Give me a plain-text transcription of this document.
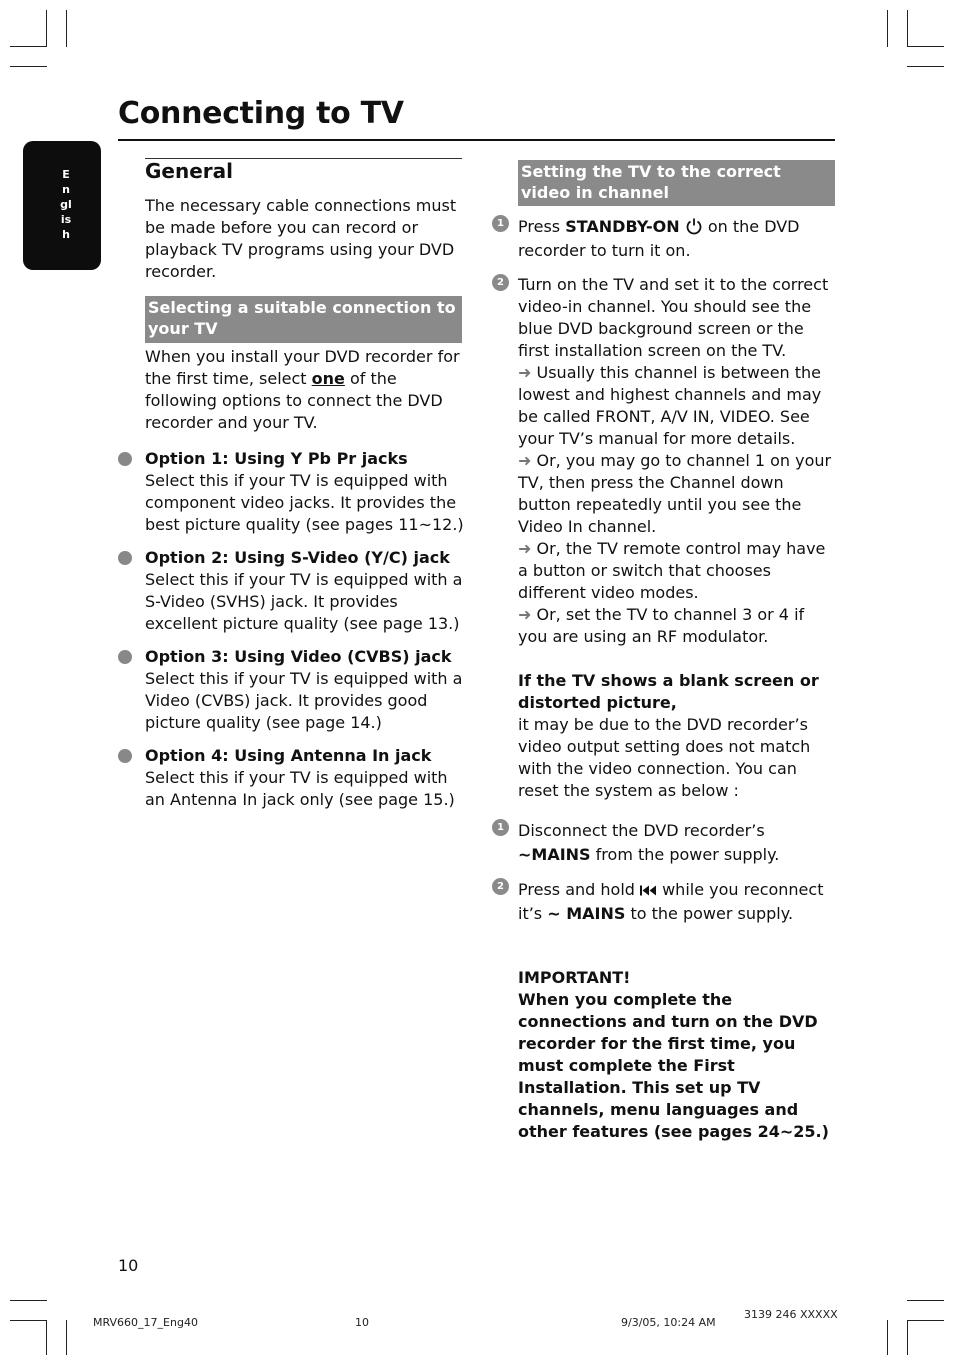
Connecting to TV
English
General
The necessary cable connections must be made before you can record or playback TV programs using your DVD recorder.
Selecting a suitable connection to your TV
When you install your DVD recorder for the first time, select one of the following options to connect the DVD recorder and your TV.
Option 1: Using Y Pb Pr jacks
Select this if your TV is equipped with component video jacks. It provides the best picture quality (see pages 11~12.)
Option 2: Using S-Video (Y/C) jack
Select this if your TV is equipped with a S-Video (SVHS) jack. It provides excellent picture quality (see page 13.)
Option 3: Using Video (CVBS) jack
Select this if your TV is equipped with a Video (CVBS) jack. It provides good picture quality (see page 14.)
Option 4: Using Antenna In jack
Select this if your TV is equipped with an Antenna In jack only (see page 15.)
Setting the TV to the correct video in channel
1 Press STANDBY-ON  on the DVD recorder to turn it on.
2 Turn on the TV and set it to the correct video-in channel. You should see the blue DVD background screen or the first installation screen on the TV.
➜ Usually this channel is between the lowest and highest channels and may be called FRONT, A/V IN, VIDEO. See your TV’s manual for more details.
➜ Or, you may go to channel 1 on your TV, then press the Channel down button repeatedly until you see the Video In channel.
➜ Or, the TV remote control may have a button or switch that chooses different video modes.
➜ Or, set the TV to channel 3 or 4 if you are using an RF modulator.
If the TV shows a blank screen or distorted picture,
it may be due to the DVD recorder’s video output setting does not match with the video connection. You can reset the system as below :
1 Disconnect the DVD recorder’s ~MAINS from the power supply.
2 Press and hold  while you reconnect it’s ~ MAINS to the power supply.
IMPORTANT!
When you complete the connections and turn on the DVD recorder for the first time, you must complete the First Installation. This set up TV channels, menu languages and other features (see pages 24~25.)
10
MRV660_17_Eng40	10	9/3/05, 10:24 AM
3139 246 XXXXX
